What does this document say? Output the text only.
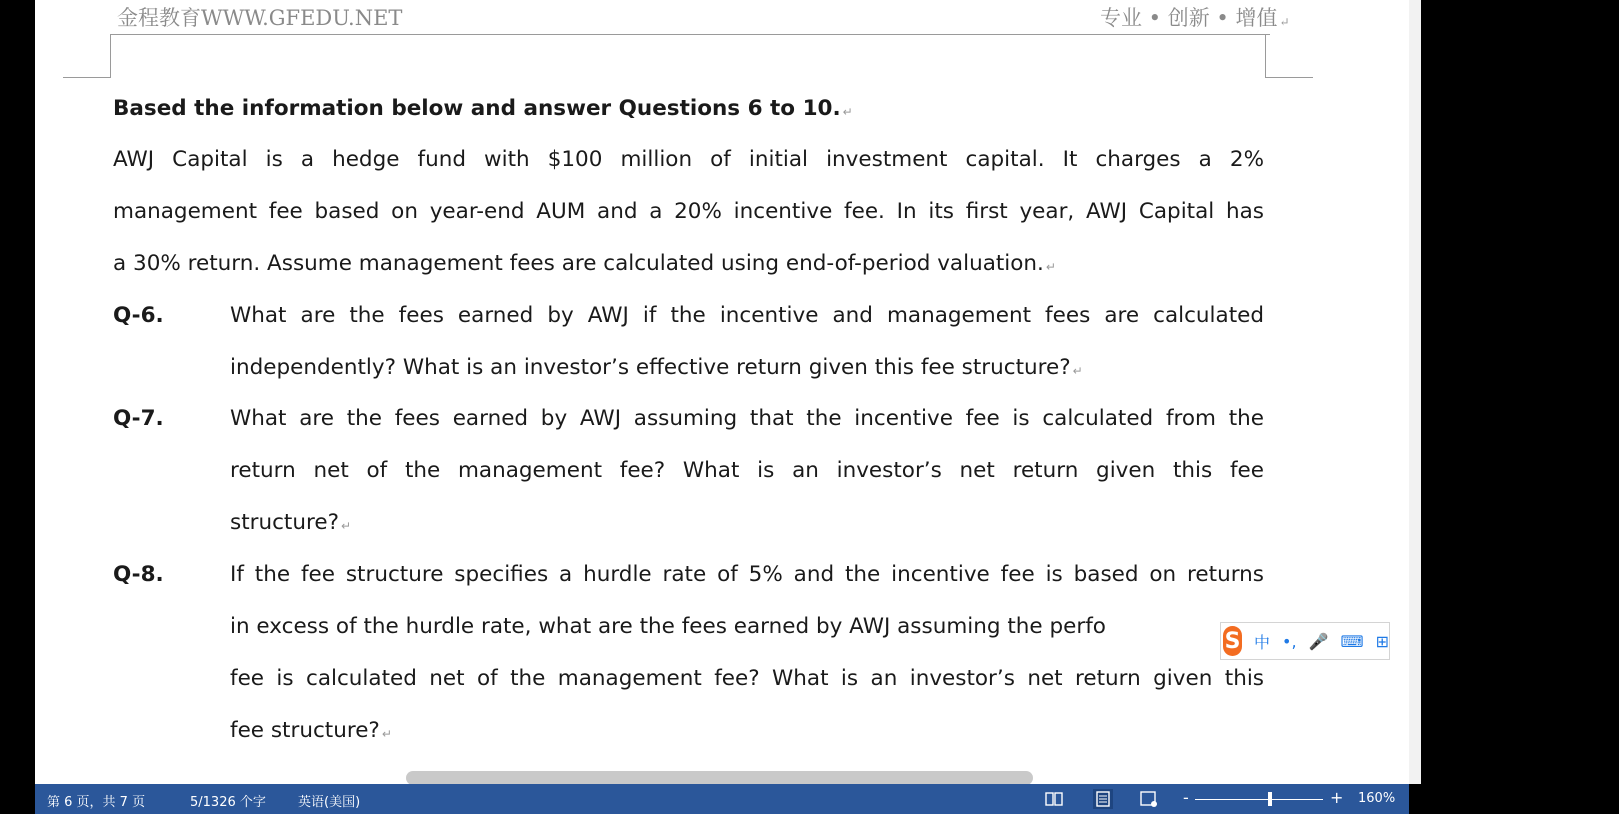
金程教育WWW.GFEDU.NET	专业 • 创新 • 增值 ↵
Based the information below and answer Questions 6 to 10. ↵
AWJ Capital is a hedge fund with $100 million of initial investment capital. It charges a 2%
management fee based on year-end AUM and a 20% incentive fee. In its first year, AWJ Capital has
a 30% return. Assume management fees are calculated using end-of-period valuation. ↵
Q-6.	What are the fees earned by AWJ if the incentive and management fees are calculated
independently? What is an investor’s effective return given this fee structure? ↵
Q-7.	What are the fees earned by AWJ assuming that the incentive fee is calculated from the
return net of the management fee? What is an investor’s net return given this fee
structure? ↵
Q-8.	If the fee structure specifies a hurdle rate of 5% and the incentive fee is based on returns
in excess of the hurdle rate, what are the fees earned by AWJ assuming the perfo
fee is calculated net of the management fee? What is an investor’s net return given this
fee structure? ↵
S 中 •, 🎤 ⌨ ⊞
第 6 页，共 7 页	5/1326 个字 英语(美国)	-	+ 160%
